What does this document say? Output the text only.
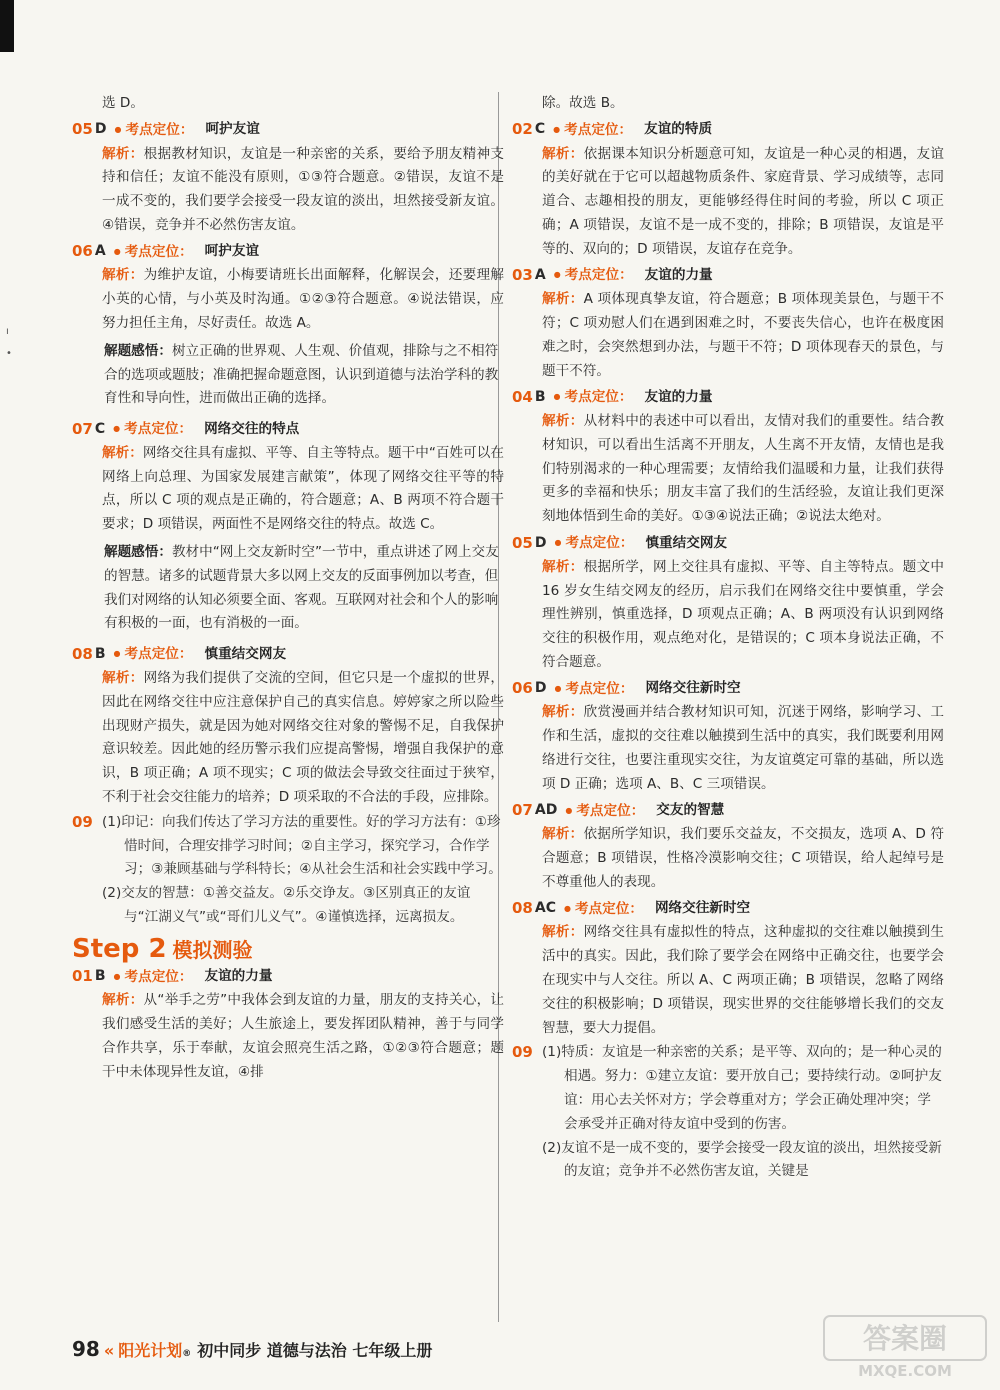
ı
•
选 D。
05 D	● 考点定位： 呵护友谊
解析：根据教材知识，友谊是一种亲密的关系，要给予朋友精神支持和信任；友谊不能没有原则，①③符合题意。②错误，友谊不是一成不变的，我们要学会接受一段友谊的淡出，坦然接受新友谊。④错误，竞争并不必然伤害友谊。
06 A	● 考点定位： 呵护友谊
解析：为维护友谊，小梅要请班长出面解释，化解误会，还要理解小英的心情，与小英及时沟通。①②③符合题意。④说法错误，应努力担任主角，尽好责任。故选 A。
解题感悟：树立正确的世界观、人生观、价值观，排除与之不相符合的选项或题肢；准确把握命题意图，认识到道德与法治学科的教育性和导向性，进而做出正确的选择。
07 C	● 考点定位： 网络交往的特点
解析：网络交往具有虚拟、平等、自主等特点。题干中“百姓可以在网络上向总理、为国家发展建言献策”，体现了网络交往平等的特点，所以 C 项的观点是正确的，符合题意；A、B 两项不符合题干要求；D 项错误，两面性不是网络交往的特点。故选 C。
解题感悟：教材中“网上交友新时空”一节中，重点讲述了网上交友的智慧。诸多的试题背景大多以网上交友的反面事例加以考查，但我们对网络的认知必须要全面、客观。互联网对社会和个人的影响有积极的一面，也有消极的一面。
08 B	● 考点定位： 慎重结交网友
解析：网络为我们提供了交流的空间，但它只是一个虚拟的世界，因此在网络交往中应注意保护自己的真实信息。婷婷家之所以险些出现财产损失，就是因为她对网络交往对象的警惕不足，自我保护意识较差。因此她的经历警示我们应提高警惕，增强自我保护的意识，B 项正确；A 项不现实；C 项的做法会导致交往面过于狭窄，不利于社会交往能力的培养；D 项采取的不合法的手段，应排除。
09 (1)印记：向我们传达了学习方法的重要性。好的学习方法有：①珍惜时间，合理安排学习时间；②自主学习，探究学习，合作学习；③兼顾基础与学科特长；④从社会生活和社会实践中学习。

(2)交友的智慧：①善交益友。②乐交诤友。③区别真正的友谊与“江湖义气”或“哥们儿义气”。④谨慎选择，远离损友。

Step 2 模拟测验
01 B	● 考点定位： 友谊的力量
解析：从“举手之劳”中我体会到友谊的力量，朋友的支持关心，让我们感受生活的美好；人生旅途上，要发挥团队精神，善于与同学合作共享，乐于奉献，友谊会照亮生活之路，①②③符合题意；题干中未体现异性友谊，④排
除。故选 B。
02 C	● 考点定位： 友谊的特质
解析：依据课本知识分析题意可知，友谊是一种心灵的相遇，友谊的美好就在于它可以超越物质条件、家庭背景、学习成绩等，志同道合、志趣相投的朋友，更能够经得住时间的考验，所以 C 项正确；A 项错误，友谊不是一成不变的，排除；B 项错误，友谊是平等的、双向的；D 项错误，友谊存在竞争。
03 A	● 考点定位： 友谊的力量
解析：A 项体现真挚友谊，符合题意；B 项体现美景色，与题干不符；C 项劝慰人们在遇到困难之时，不要丧失信心，也许在极度困难之时，会突然想到办法，与题干不符；D 项体现春天的景色，与题干不符。
04 B	● 考点定位： 友谊的力量
解析：从材料中的表述中可以看出，友情对我们的重要性。结合教材知识，可以看出生活离不开朋友，人生离不开友情，友情也是我们特别渴求的一种心理需要；友情给我们温暖和力量，让我们获得更多的幸福和快乐；朋友丰富了我们的生活经验，友谊让我们更深刻地体悟到生命的美好。①③④说法正确；②说法太绝对。
05 D	● 考点定位： 慎重结交网友
解析：根据所学，网上交往具有虚拟、平等、自主等特点。题文中 16 岁女生结交网友的经历，启示我们在网络交往中要慎重，学会理性辨别，慎重选择，D 项观点正确；A、B 两项没有认识到网络交往的积极作用，观点绝对化，是错误的；C 项本身说法正确，不符合题意。
06 D	● 考点定位： 网络交往新时空
解析：欣赏漫画并结合教材知识可知，沉迷于网络，影响学习、工作和生活，虚拟的交往难以触摸到生活中的真实，我们既要利用网络进行交往，也要注重现实交往，为友谊奠定可靠的基础，所以选项 D 正确；选项 A、B、C 三项错误。
07 AD	● 考点定位： 交友的智慧
解析：依据所学知识，我们要乐交益友，不交损友，选项 A、D 符合题意；B 项错误，性格冷漠影响交往；C 项错误，给人起绰号是不尊重他人的表现。
08 AC	● 考点定位： 网络交往新时空
解析：网络交往具有虚拟性的特点，这种虚拟的交往难以触摸到生活中的真实。因此，我们除了要学会在网络中正确交往，也要学会在现实中与人交往。所以 A、C 两项正确；B 项错误，忽略了网络交往的积极影响；D 项错误，现实世界的交往能够增长我们的交友智慧，要大力提倡。
09 (1)特质：友谊是一种亲密的关系；是平等、双向的；是一种心灵的相遇。努力：①建立友谊：要开放自己；要持续行动。②呵护友谊：用心去关怀对方；学会尊重对方；学会正确处理冲突；学会承受并正确对待友谊中受到的伤害。

(2)友谊不是一成不变的，要学会接受一段友谊的淡出，坦然接受新的友谊；竞争并不必然伤害友谊，关键是

98 « 阳光计划$_®$ 初中同步 道德与法治 七年级上册	答案圈
MXQE.COM
